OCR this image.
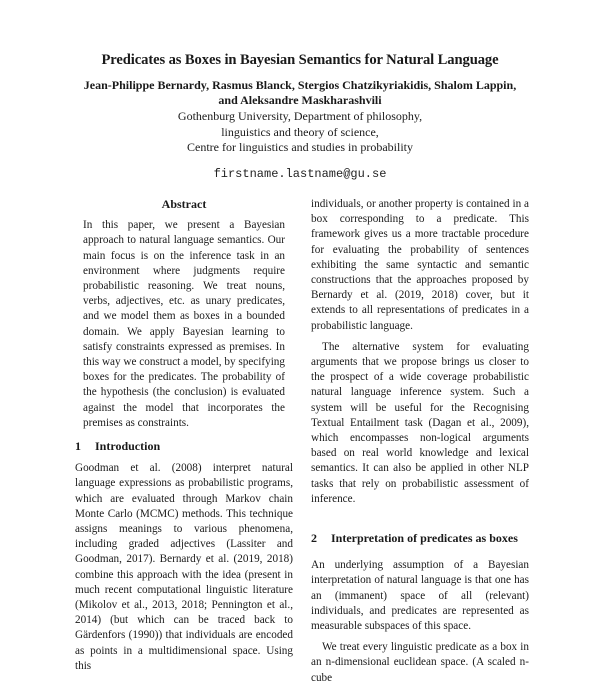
Predicates as Boxes in Bayesian Semantics for Natural Language
Jean-Philippe Bernardy, Rasmus Blanck, Stergios Chatzikyriakidis, Shalom Lappin,
and Aleksandre Maskharashvili
Gothenburg University, Department of philosophy,
linguistics and theory of science,
Centre for linguistics and studies in probability
firstname.lastname@gu.se
Abstract

In this paper, we present a Bayesian approach to natural language semantics. Our main focus is on the inference task in an environment where judgments require probabilistic reasoning. We treat nouns, verbs, adjectives, etc. as unary predicates, and we model them as boxes in a bounded domain. We apply Bayesian learning to satisfy constraints expressed as premises. In this way we construct a model, by specifying boxes for the predicates. The probability of the hypothesis (the conclusion) is evaluated against the model that incorporates the premises as constraints.

1 Introduction

Goodman et al. (2008) interpret natural language expressions as probabilistic programs, which are evaluated through Markov chain Monte Carlo (MCMC) methods. This technique assigns meanings to various phenomena, including graded adjectives (Lassiter and Goodman, 2017). Bernardy et al. (2019, 2018) combine this approach with the idea (present in much recent computational linguistic literature (Mikolov et al., 2013, 2018; Pennington et al., 2014) (but which can be traced back to Gärdenfors (1990)) that individuals are encoded as points in a multidimensional space. Using this

individuals, or another property is contained in a box corresponding to a predicate. This framework gives us a more tractable procedure for evaluating the probability of sentences exhibiting the same syntactic and semantic constructions that the approaches proposed by Bernardy et al. (2019, 2018) cover, but it extends to all representations of predicates in a probabilistic language.

The alternative system for evaluating arguments that we propose brings us closer to the prospect of a wide coverage probabilistic natural language inference system. Such a system will be useful for the Recognising Textual Entailment task (Dagan et al., 2009), which encompasses non-logical arguments based on real world knowledge and lexical semantics. It can also be applied in other NLP tasks that rely on probabilistic assessment of inference.

2 Interpretation of predicates as boxes

An underlying assumption of a Bayesian interpretation of natural language is that one has an (immanent) space of all (relevant) individuals, and predicates are represented as measurable subspaces of this space.

We treat every linguistic predicate as a box in an n-dimensional euclidean space. (A scaled n-cube
